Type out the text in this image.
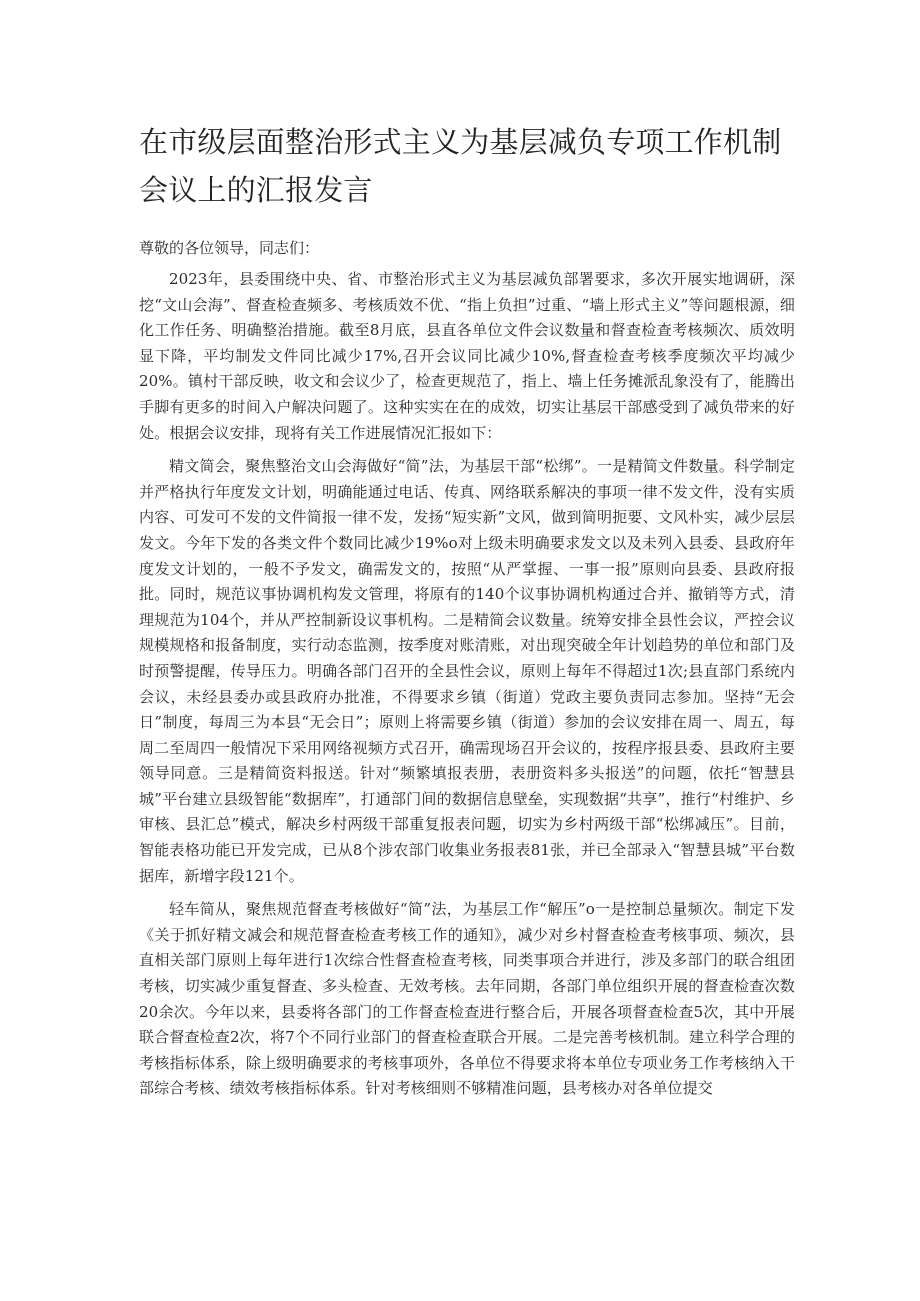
在市级层面整治形式主义为基层减负专项工作机制会议上的汇报发言

尊敬的各位领导，同志们：

2023年，县委围绕中央、省、市整治形式主义为基层减负部署要求，多次开展实地调研，深挖“文山会海”、督查检查频多、考核质效不优、“指上负担”过重、“墙上形式主义”等问题根源，细化工作任务、明确整治措施。截至8月底，县直各单位文件会议数量和督查检查考核频次、质效明显下降，平均制发文件同比减少17%,召开会议同比减少10%,督查检查考核季度频次平均减少20%。镇村干部反映，收文和会议少了，检查更规范了，指上、墙上任务摊派乱象没有了，能腾出手脚有更多的时间入户解决问题了。这种实实在在的成效，切实让基层干部感受到了减负带来的好处。根据会议安排，现将有关工作进展情况汇报如下：

精文简会，聚焦整治文山会海做好“简”法，为基层干部“松绑”。一是精简文件数量。科学制定并严格执行年度发文计划，明确能通过电话、传真、网络联系解决的事项一律不发文件，没有实质内容、可发可不发的文件简报一律不发，发扬“短实新”文风，做到简明扼要、文风朴实，减少层层发文。今年下发的各类文件个数同比减少19%o对上级未明确要求发文以及未列入县委、县政府年度发文计划的，一般不予发文，确需发文的，按照“从严掌握、一事一报”原则向县委、县政府报批。同时，规范议事协调机构发文管理，将原有的140个议事协调机构通过合并、撤销等方式，清理规范为104个，并从严控制新设议事机构。二是精简会议数量。统筹安排全县性会议，严控会议规模规格和报备制度，实行动态监测，按季度对账清账，对出现突破全年计划趋势的单位和部门及时预警提醒，传导压力。明确各部门召开的全县性会议，原则上每年不得超过1次;县直部门系统内会议，未经县委办或县政府办批准，不得要求乡镇（街道）党政主要负责同志参加。坚持“无会日”制度，每周三为本县“无会日”；原则上将需要乡镇（街道）参加的会议安排在周一、周五，每周二至周四一般情况下采用网络视频方式召开，确需现场召开会议的，按程序报县委、县政府主要领导同意。三是精简资料报送。针对“频繁填报表册，表册资料多头报送”的问题，依托“智慧县城”平台建立县级智能“数据库”，打通部门间的数据信息壁垒，实现数据“共享”，推行“村维护、乡审核、县汇总”模式，解决乡村两级干部重复报表问题，切实为乡村两级干部“松绑减压”。目前，智能表格功能已开发完成，已从8个涉农部门收集业务报表81张，并已全部录入“智慧县城”平台数据库，新增字段121个。

轻车简从，聚焦规范督查考核做好“简”法，为基层工作“解压”o一是控制总量频次。制定下发《关于抓好精文减会和规范督查检查考核工作的通知》，减少对乡村督查检查考核事项、频次，县直相关部门原则上每年进行1次综合性督查检查考核，同类事项合并进行，涉及多部门的联合组团考核，切实减少重复督查、多头检查、无效考核。去年同期，各部门单位组织开展的督查检查次数20余次。今年以来，县委将各部门的工作督查检查进行整合后，开展各项督查检查5次，其中开展联合督查检查2次，将7个不同行业部门的督查检查联合开展。二是完善考核机制。建立科学合理的考核指标体系，除上级明确要求的考核事项外，各单位不得要求将本单位专项业务工作考核纳入干部综合考核、绩效考核指标体系。针对考核细则不够精准问题，县考核办对各单位提交
